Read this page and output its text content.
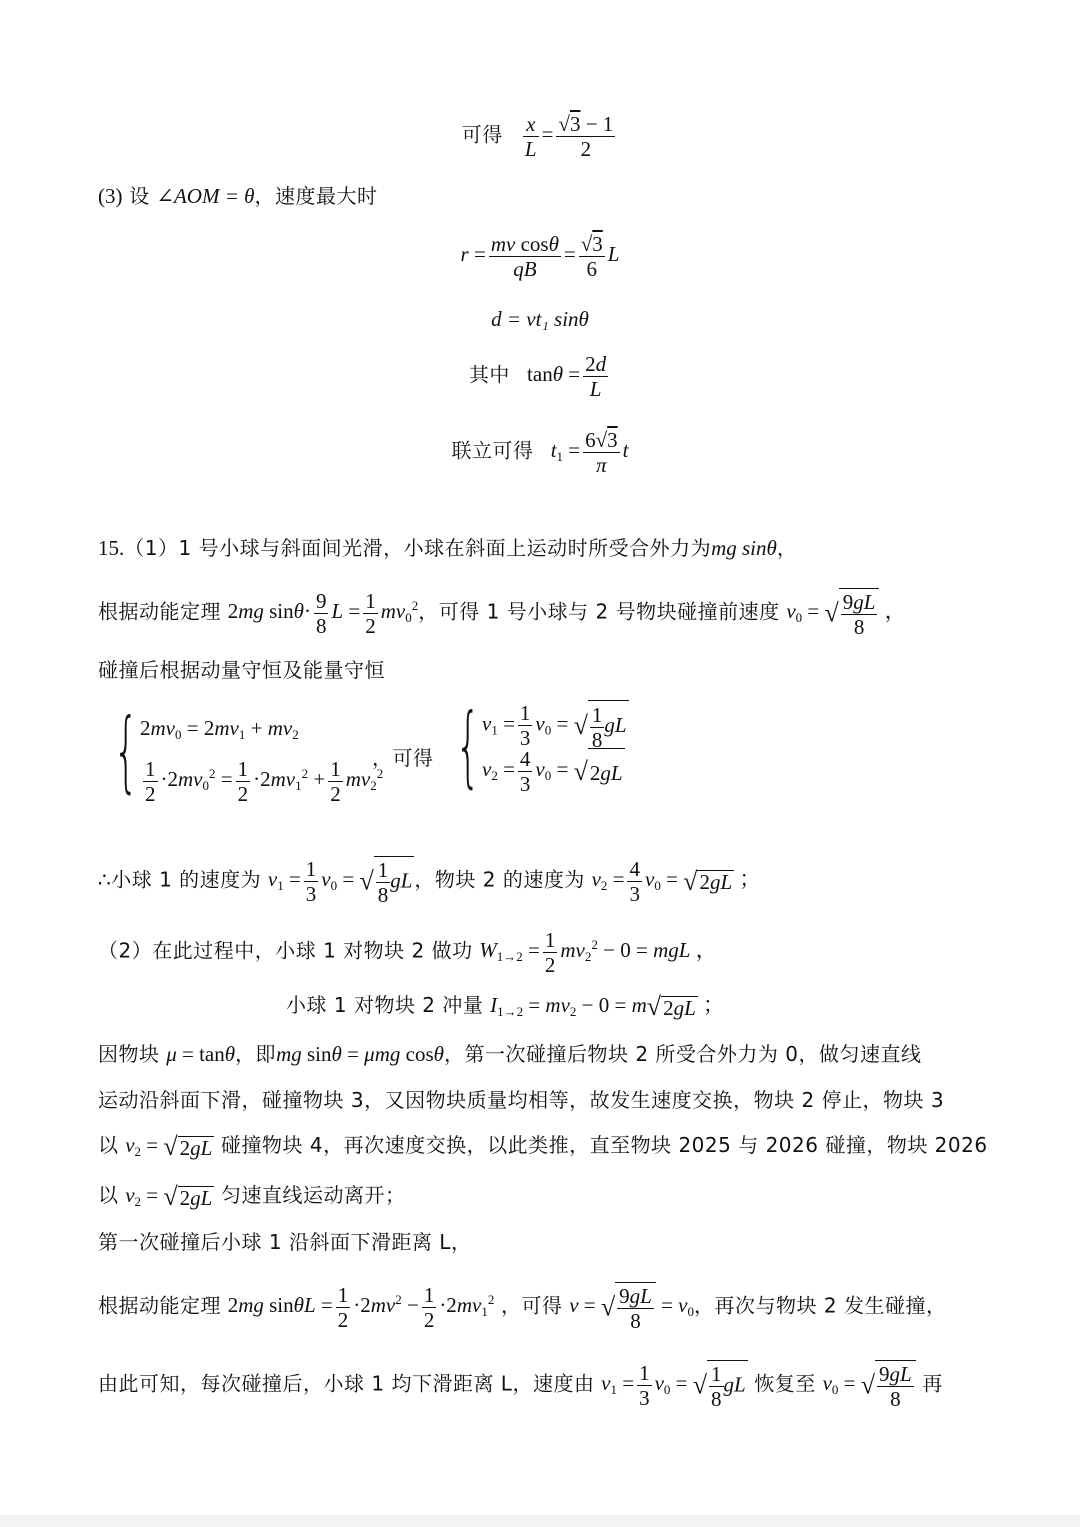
可得 $\frac{x}{L} = \frac{√3 - 1}{2}$
(3) 设 ∠AOM = θ，速度最大时
$r = \frac{\text{mv cosθ}}{qB} = \frac{√3}{6}$ L
d = vt₁ sinθ
其中   $\tan\theta = \frac{2d}{L}$
联立可得 $t_1 = \frac{6√3}{\pi}$ t
15.（1）1 号小球与斜面间光滑，小球在斜面上运动时所受合外力为mg sinθ，
根据动能定理 2mg $\sin\theta\cdot \frac{9}{8}$ $L = \frac{1}{2} mv_0^2$，可得 1 号小球与 2 号物块碰撞前速度 $v_0$ = √ $\frac{9gL}{8}$ ，
碰撞后根据动量守恒及能量守恒
{ $2mv_0 = 2mv_1 + mv_2$
$\frac{1}{2} \cdot 2mv_0^2 = \frac{1}{2} \cdot 2mv_1^2 + \frac{1}{2} mv_2^2$
，可得 { $v_1 = \frac{1}{3} v_0$ = √ $\frac{1}{8}$ gL
$v_2 = \frac{4}{3} v_0 = √2gL$
∴小球 1 的速度为 $v_1 = \frac{1}{3} v_0$ = √ $\frac{1}{8}$ gL ，物块 2 的速度为 $v_2 = \frac{4}{3} v_0 = √2gL$ ；
（2）在此过程中，小球 1 对物块 2 做功 $W_{1\to 2} = \frac{1}{2} mv_2^2 - 0$ = mgL ，
小球 1 对物块 2 冲量 $I_{1\to 2} = mv_2 - 0 = m√2gL$ ；
因物块 μ = tanθ，即mg sinθ = μmg cosθ，第一次碰撞后物块 2 所受合外力为 0，做匀速直线
运动沿斜面下滑，碰撞物块 3，又因物块质量均相等，故发生速度交换，物块 2 停止，物块 3
以 $v_2 = √2gL$ 碰撞物块 4，再次速度交换，以此类推，直至物块 2025 与 2026 碰撞，物块 2026
以 $v_2 = √2gL$ 匀速直线运动离开；
第一次碰撞后小球 1 沿斜面下滑距离 L，
根据动能定理 2mg $\sin\theta L = \frac{1}{2} \cdot 2mv^2 - \frac{1}{2} \cdot 2mv_1^2$ ，可得 v = √ $\frac{9gL}{8} = v_0$，再次与物块 2 发生碰撞，
由此可知，每次碰撞后，小球 1 均下滑距离 L，速度由 $v_1 = \frac{1}{3} v_0$ = √ $\frac{1}{8}$ gL 恢复至 $v_0$ = √ $\frac{9gL}{8}$ 再
